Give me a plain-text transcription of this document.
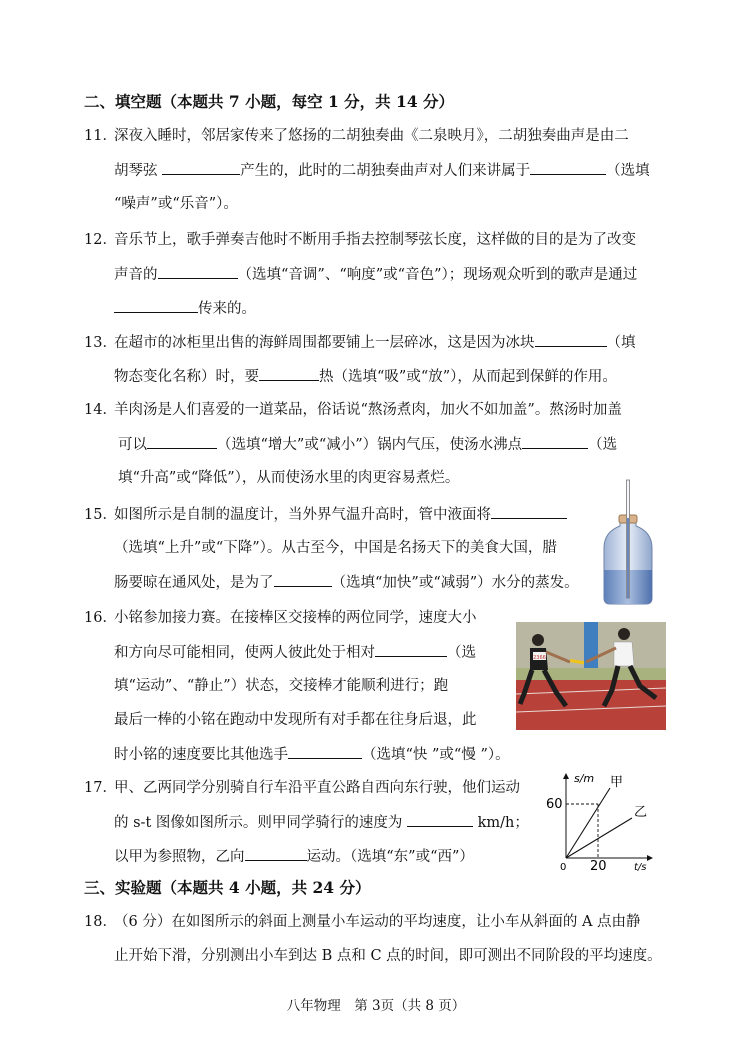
二、填空题（本题共 7 小题，每空 1 分，共 14 分）
11．深夜入睡时，邻居家传来了悠扬的二胡独奏曲《二泉映月》，二胡独奏曲声是由二
胡琴弦	产生的，此时的二胡独奏曲声对人们来讲属于	（选填
“噪声”或“乐音”）。
12．音乐节上，歌手弹奏吉他时不断用手指去控制琴弦长度，这样做的目的是为了改变
声音的	（选填“音调”、“响度”或“音色”）；现场观众听到的歌声是通过
传来的。
13．在超市的冰柜里出售的海鲜周围都要铺上一层碎冰，这是因为冰块	（填
物态变化名称）时，要	热（选填“吸”或“放”），从而起到保鲜的作用。
14．羊肉汤是人们喜爱的一道菜品，俗话说“熬汤煮肉，加火不如加盖”。熬汤时加盖
可以	（选填“增大”或“减小”）锅内气压，使汤水沸点	（选
填“升高”或“降低”），从而使汤水里的肉更容易煮烂。
15．如图所示是自制的温度计，当外界气温升高时，管中液面将
（选填“上升”或“下降”）。从古至今，中国是名扬天下的美食大国，腊
肠要晾在通风处，是为了	（选填“加快”或“减弱”）水分的蒸发。
16．小铭参加接力赛。在接棒区交接棒的两位同学，速度大小
和方向尽可能相同，使两人彼此处于相对	（选
填“运动”、“静止”）状态，交接棒才能顺利进行；跑
最后一棒的小铭在跑动中发现所有对手都在往身后退，此
时小铭的速度要比其他选手	（选填“快 ”或“慢 ”）。
2366
17．甲、乙两同学分别骑自行车沿平直公路自西向东行驶，他们运动
的 s-t 图像如图所示。则甲同学骑行的速度为	km/h；
以甲为参照物，乙向	运动。（选填“东”或“西”）
s/m
t/s
60
20
0
甲
乙
三、实验题（本题共 4 小题，共 24 分）
18．（6 分）在如图所示的斜面上测量小车运动的平均速度，让小车从斜面的 A 点由静
止开始下滑，分别测出小车到达 B 点和 C 点的时间，即可测出不同阶段的平均速度。
八年物理　第 3页（共 8 页）
